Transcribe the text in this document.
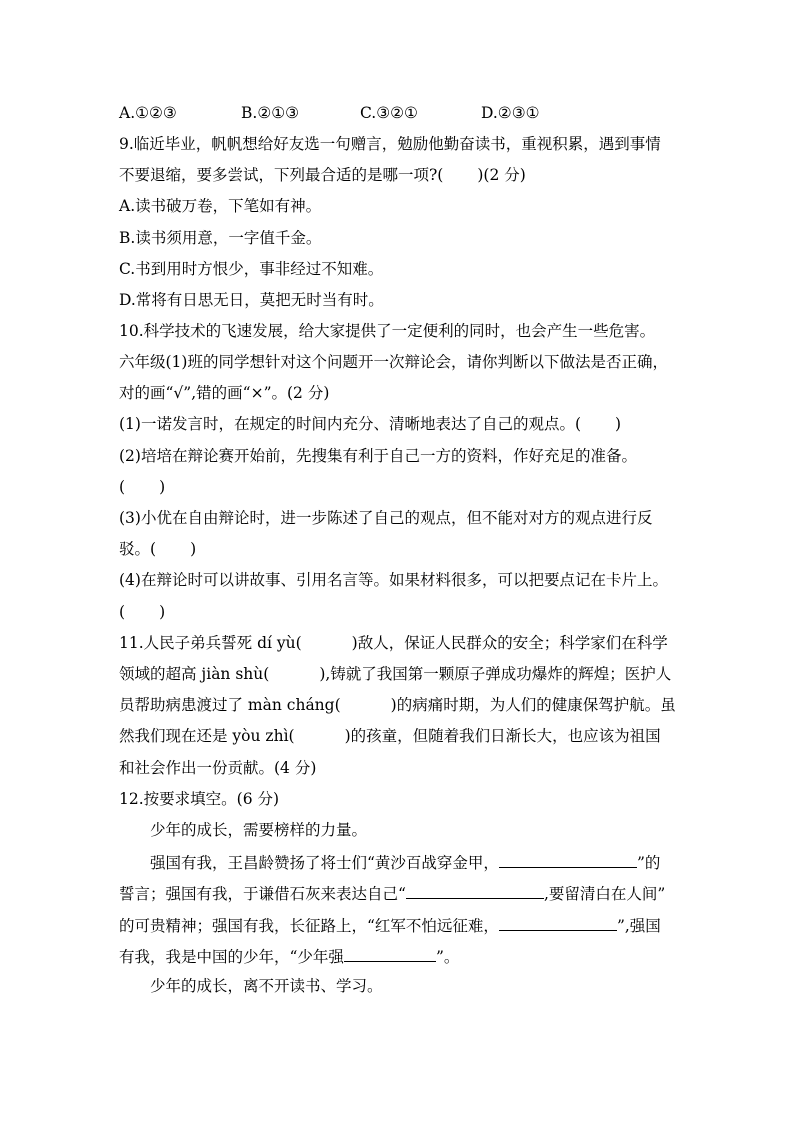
A.①②③	B.②①③	C.③②①	D.②③①
9.临近毕业，帆帆想给好友选一句赠言，勉励他勤奋读书，重视积累，遇到事情
不要退缩，要多尝试，下列最合适的是哪一项?( )(2 分)
A.读书破万卷，下笔如有神。
B.读书须用意，一字值千金。
C.书到用时方恨少，事非经过不知难。
D.常将有日思无日，莫把无时当有时。
10.科学技术的飞速发展，给大家提供了一定便利的同时，也会产生一些危害。
六年级(1)班的同学想针对这个问题开一次辩论会，请你判断以下做法是否正确，
对的画“√”,错的画“×”。(2 分)
(1)一诺发言时，在规定的时间内充分、清晰地表达了自己的观点。( )
(2)培培在辩论赛开始前，先搜集有利于自己一方的资料，作好充足的准备。
( )
(3)小优在自由辩论时，进一步陈述了自己的观点，但不能对对方的观点进行反
驳。( )
(4)在辩论时可以讲故事、引用名言等。如果材料很多，可以把要点记在卡片上。
( )
11.人民子弟兵誓死 dí yù(	)敌人，保证人民群众的安全；科学家们在科学
领域的超高 jiàn shù(	),铸就了我国第一颗原子弹成功爆炸的辉煌；医护人
员帮助病患渡过了 màn cháng(	)的病痛时期，为人们的健康保驾护航。虽
然我们现在还是 yòu zhì(	)的孩童，但随着我们日渐长大，也应该为祖国
和社会作出一份贡献。(4 分)
12.按要求填空。(6 分)
少年的成长，需要榜样的力量。
强国有我，王昌龄赞扬了将士们“黄沙百战穿金甲，	”的
誓言；强国有我，于谦借石灰来表达自己“	,要留清白在人间”
的可贵精神；强国有我，长征路上，“红军不怕远征难，	”,强国
有我，我是中国的少年，“少年强	”。
少年的成长，离不开读书、学习。
